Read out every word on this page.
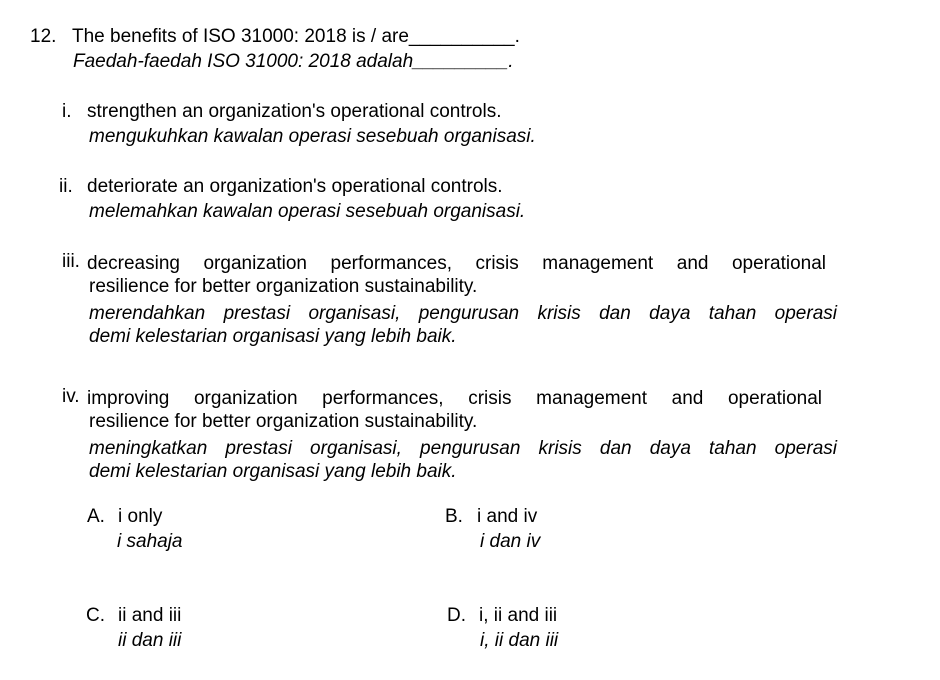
12. The benefits of ISO 31000: 2018 is / are__________.
Faedah-faedah ISO 31000: 2018 adalah_________.
i. strengthen an organization's operational controls.
mengukuhkan kawalan operasi sesebuah organisasi.
ii. deteriorate an organization's operational controls.
melemahkan kawalan operasi sesebuah organisasi.
iii. decreasing organization performances, crisis management and operational
resilience for better organization sustainability.
merendahkan prestasi organisasi, pengurusan krisis dan daya tahan operasi
demi kelestarian organisasi yang lebih baik.
iv. improving organization performances, crisis management and operational
resilience for better organization sustainability.
meningkatkan prestasi organisasi, pengurusan krisis dan daya tahan operasi
demi kelestarian organisasi yang lebih baik.
A. i only
i sahaja
B. i and iv
i dan iv
C. ii and iii
ii dan iii
D. i, ii and iii
i, ii dan iii
